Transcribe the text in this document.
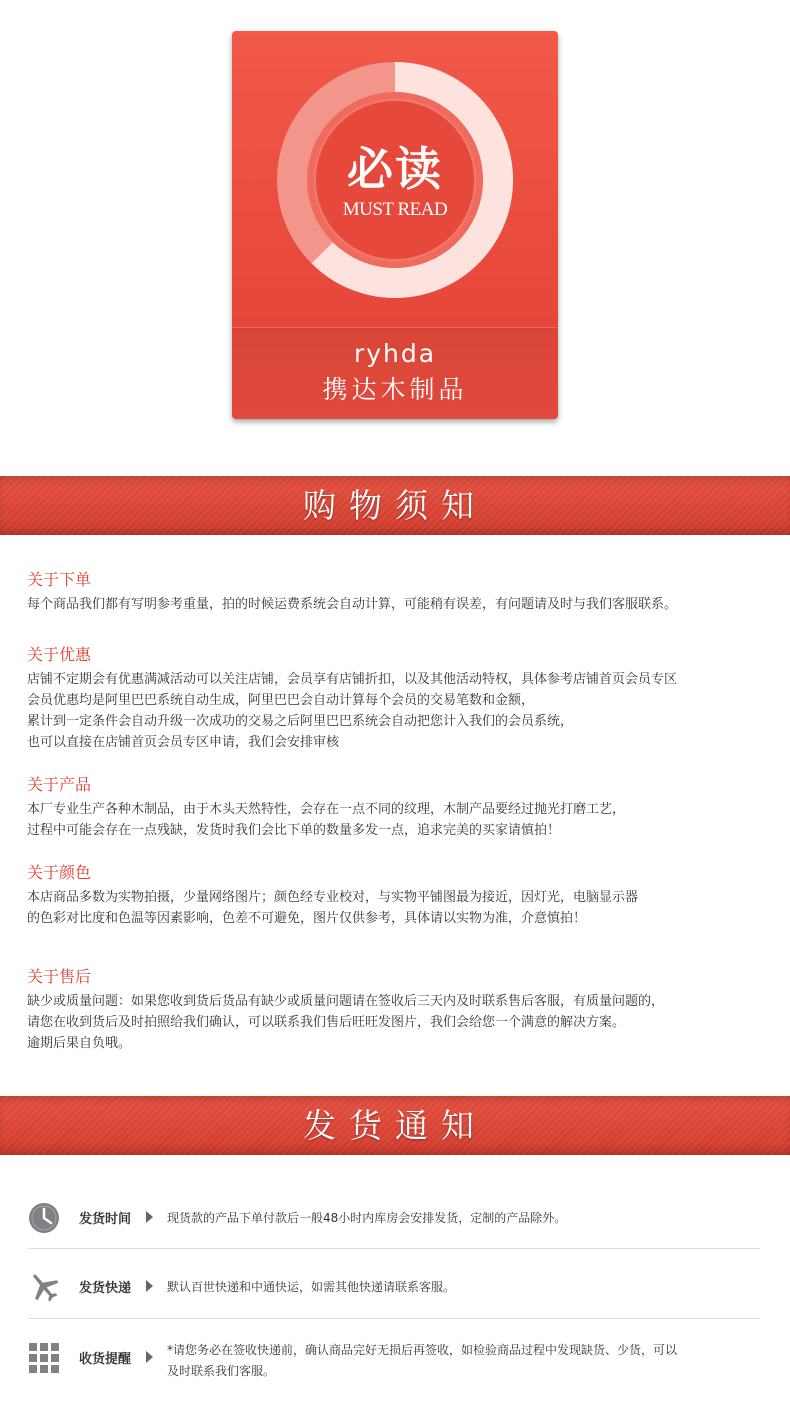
必读
MUST READ
ryhda
携达木制品
购物须知
关于下单
每个商品我们都有写明参考重量，拍的时候运费系统会自动计算，可能稍有误差，有问题请及时与我们客服联系。
关于优惠
店铺不定期会有优惠满减活动可以关注店铺，会员享有店铺折扣，以及其他活动特权，具体参考店铺首页会员专区
会员优惠均是阿里巴巴系统自动生成，阿里巴巴会自动计算每个会员的交易笔数和金额，
累计到一定条件会自动升级一次成功的交易之后阿里巴巴系统会自动把您计入我们的会员系统，
也可以直接在店铺首页会员专区申请，我们会安排审核
关于产品
本厂专业生产各种木制品，由于木头天然特性，会存在一点不同的纹理，木制产品要经过抛光打磨工艺，
过程中可能会存在一点残缺，发货时我们会比下单的数量多发一点，追求完美的买家请慎拍！
关于颜色
本店商品多数为实物拍摄，少量网络图片；颜色经专业校对，与实物平铺图最为接近，因灯光，电脑显示器
的色彩对比度和色温等因素影响，色差不可避免，图片仅供参考，具体请以实物为准，介意慎拍！
关于售后
缺少或质量问题：如果您收到货后货品有缺少或质量问题请在签收后三天内及时联系售后客服，有质量问题的，
请您在收到货后及时拍照给我们确认，可以联系我们售后旺旺发图片，我们会给您一个满意的解决方案。
逾期后果自负哦。
发货通知
发货时间	现货款的产品下单付款后一般48小时内库房会安排发货，定制的产品除外。
发货快递	默认百世快递和中通快运，如需其他快递请联系客服。
收货提醒
*请您务必在签收快递前，确认商品完好无损后再签收，如检验商品过程中发现缺货、少货，可以
及时联系我们客服。
